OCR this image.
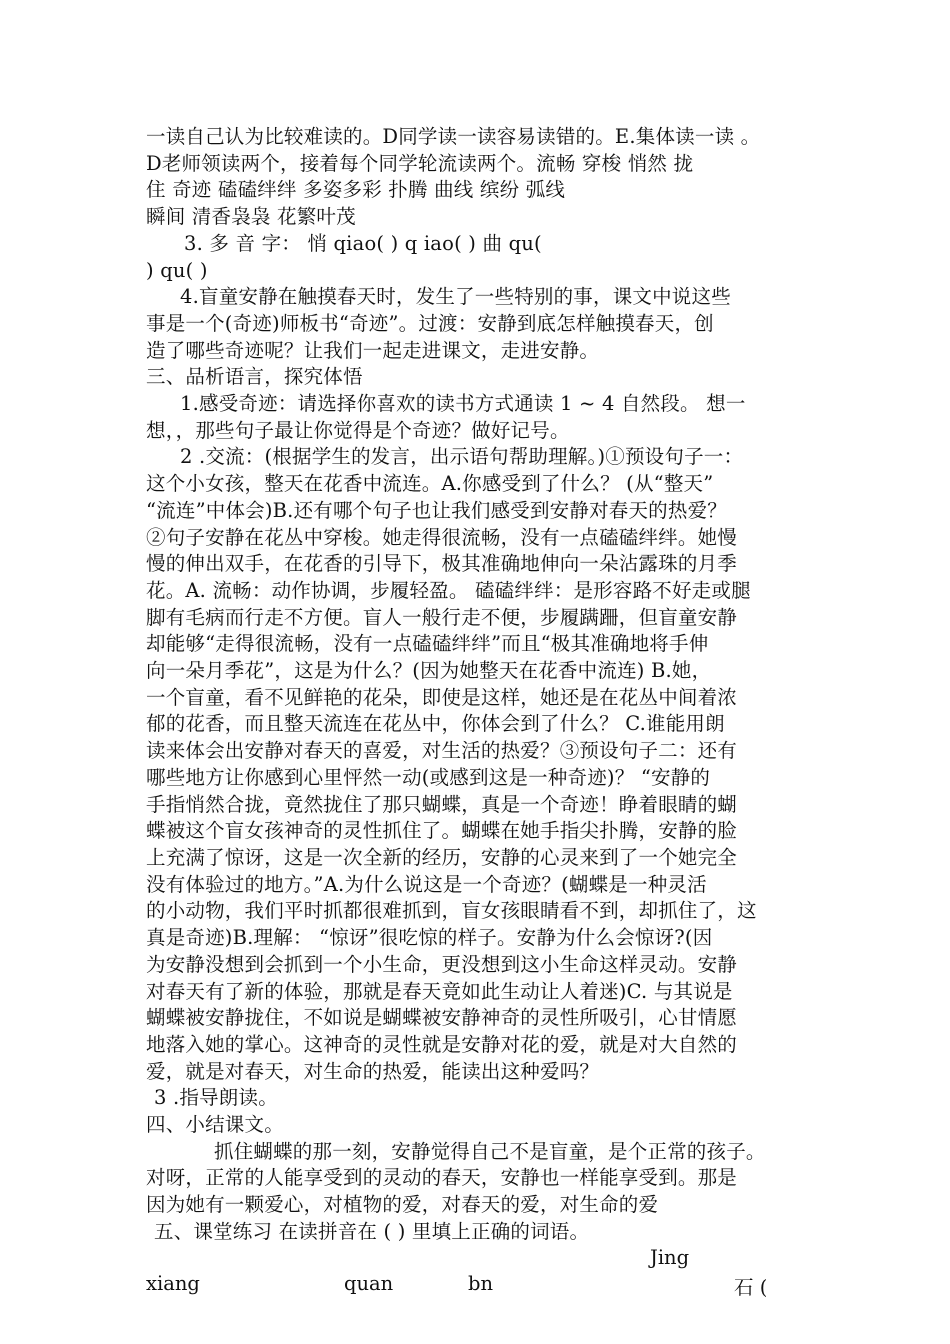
一读自己认为比较难读的。D同学读一读容易读错的。E.集体读一读 。

D老师领读两个，接着每个同学轮流读两个。流畅 穿梭 悄然 拢

住 奇迹 磕磕绊绊 多姿多彩 扑腾 曲线 缤纷 弧线

瞬间 清香袅袅 花繁叶茂

3. 多 音 字： 悄 qiao( ) q iao( ) 曲 qu(

) qu( )

4.盲童安静在触摸春天时，发生了一些特别的事，课文中说这些

事是一个(奇迹)师板书“奇迹”。过渡：安静到底怎样触摸春天，创

造了哪些奇迹呢？让我们一起走进课文，走进安静。

三、品析语言，探究体悟

1.感受奇迹：请选择你喜欢的读书方式通读 1 ~ 4 自然段。 想一

想，，那些句子最让你觉得是个奇迹？做好记号。

2 .交流：(根据学生的发言，出示语句帮助理解。)①预设句子一：

这个小女孩，整天在花香中流连。A.你感受到了什么？ (从“整天”

“流连”中体会)B.还有哪个句子也让我们感受到安静对春天的热爱？

②句子安静在花丛中穿梭。她走得很流畅，没有一点磕磕绊绊。她慢

慢的伸出双手，在花香的引导下，极其准确地伸向一朵沾露珠的月季

花。A. 流畅：动作协调，步履轻盈。 磕磕绊绊：是形容路不好走或腿

脚有毛病而行走不方便。盲人一般行走不便，步履蹒跚，但盲童安静

却能够“走得很流畅，没有一点磕磕绊绊”而且“极其准确地将手伸

向一朵月季花”，这是为什么？(因为她整天在花香中流连) B.她，

一个盲童，看不见鲜艳的花朵，即使是这样，她还是在花丛中间着浓

郁的花香，而且整天流连在花丛中，你体会到了什么？ C.谁能用朗

读来体会出安静对春天的喜爱，对生活的热爱？③预设句子二：还有

哪些地方让你感到心里怦然一动(或感到这是一种奇迹)？ “安静的

手指悄然合拢，竟然拢住了那只蝴蝶，真是一个奇迹！睁着眼睛的蝴

蝶被这个盲女孩神奇的灵性抓住了。蝴蝶在她手指尖扑腾，安静的脸

上充满了惊讶，这是一次全新的经历，安静的心灵来到了一个她完全

没有体验过的地方。”A.为什么说这是一个奇迹？(蝴蝶是一种灵活

的小动物，我们平时抓都很难抓到，盲女孩眼睛看不到，却抓住了，这

真是奇迹)B.理解： “惊讶”很吃惊的样子。安静为什么会惊讶?(因

为安静没想到会抓到一个小生命，更没想到这小生命这样灵动。安静

对春天有了新的体验，那就是春天竟如此生动让人着迷)C. 与其说是

蝴蝶被安静拢住，不如说是蝴蝶被安静神奇的灵性所吸引，心甘情愿

地落入她的掌心。这神奇的灵性就是安静对花的爱，就是对大自然的

爱，就是对春天，对生命的热爱，能读出这种爱吗？

3 .指导朗读。

四、小结课文。

抓住蝴蝶的那一刻，安静觉得自己不是盲童，是个正常的孩子。

对呀，正常的人能享受到的灵动的春天，安静也一样能享受到。那是

因为她有一颗爱心，对植物的爱，对春天的爱，对生命的爱

五、课堂练习 在读拼音在 ( ) 里填上正确的词语。

Jing
xiang	quan	bn	石 (
